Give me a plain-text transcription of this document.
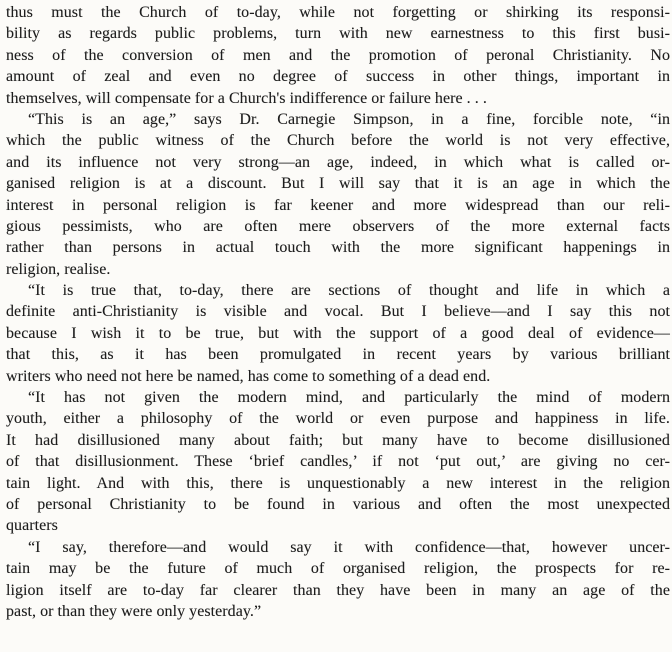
thus must the Church of to-day, while not forgetting or shirking its responsi-
bility as regards public problems, turn with new earnestness to this first busi-
ness of the conversion of men and the promotion of peronal Christianity. No
amount of zeal and even no degree of success in other things, important in
themselves, will compensate for a Church's indifference or failure here . . .
“This is an age,” says Dr. Carnegie Simpson, in a fine, forcible note, “in
which the public witness of the Church before the world is not very effective,
and its influence not very strong—an age, indeed, in which what is called or-
ganised religion is at a discount. But I will say that it is an age in which the
interest in personal religion is far keener and more widespread than our reli-
gious pessimists, who are often mere observers of the more external facts
rather than persons in actual touch with the more significant happenings in
religion, realise.
“It is true that, to-day, there are sections of thought and life in which a
definite anti-Christianity is visible and vocal. But I believe—and I say this not
because I wish it to be true, but with the support of a good deal of evidence—
that this, as it has been promulgated in recent years by various brilliant
writers who need not here be named, has come to something of a dead end.
“It has not given the modern mind, and particularly the mind of modern
youth, either a philosophy of the world or even purpose and happiness in life.
It had disillusioned many about faith; but many have to become disillusioned
of that disillusionment. These ‘brief candles,’ if not ‘put out,’ are giving no cer-
tain light. And with this, there is unquestionably a new interest in the religion
of personal Christianity to be found in various and often the most unexpected
quarters
“I say, therefore—and would say it with confidence—that, however uncer-
tain may be the future of much of organised religion, the prospects for re-
ligion itself are to-day far clearer than they have been in many an age of the
past, or than they were only yesterday.”
